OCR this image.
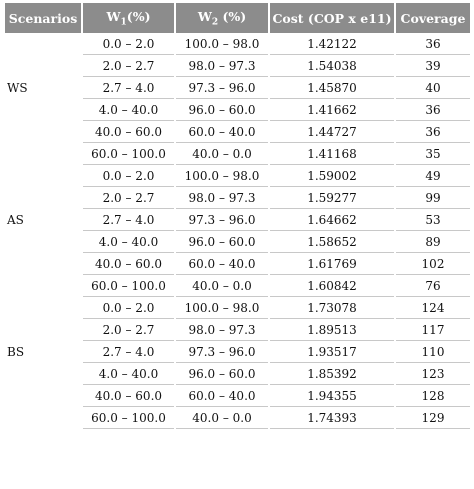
Scenarios	$W_1(\%)$	$W_2$ (%)	Cost (COP x e11)	Coverage
	0.0 – 2.0	100.0 – 98.0	1.42122	36
	2.0 – 2.7	98.0 – 97.3	1.54038	39
WS	2.7 – 4.0	97.3 – 96.0	1.45870	40
	4.0 – 40.0	96.0 – 60.0	1.41662	36
	40.0 – 60.0	60.0 – 40.0	1.44727	36
	60.0 – 100.0	40.0 – 0.0	1.41168	35
	0.0 – 2.0	100.0 – 98.0	1.59002	49
	2.0 – 2.7	98.0 – 97.3	1.59277	99
AS	2.7 – 4.0	97.3 – 96.0	1.64662	53
	4.0 – 40.0	96.0 – 60.0	1.58652	89
	40.0 – 60.0	60.0 – 40.0	1.61769	102
	60.0 – 100.0	40.0 – 0.0	1.60842	76
	0.0 – 2.0	100.0 – 98.0	1.73078	124
	2.0 – 2.7	98.0 – 97.3	1.89513	117
BS	2.7 – 4.0	97.3 – 96.0	1.93517	110
	4.0 – 40.0	96.0 – 60.0	1.85392	123
	40.0 – 60.0	60.0 – 40.0	1.94355	128
	60.0 – 100.0	40.0 – 0.0	1.74393	129
